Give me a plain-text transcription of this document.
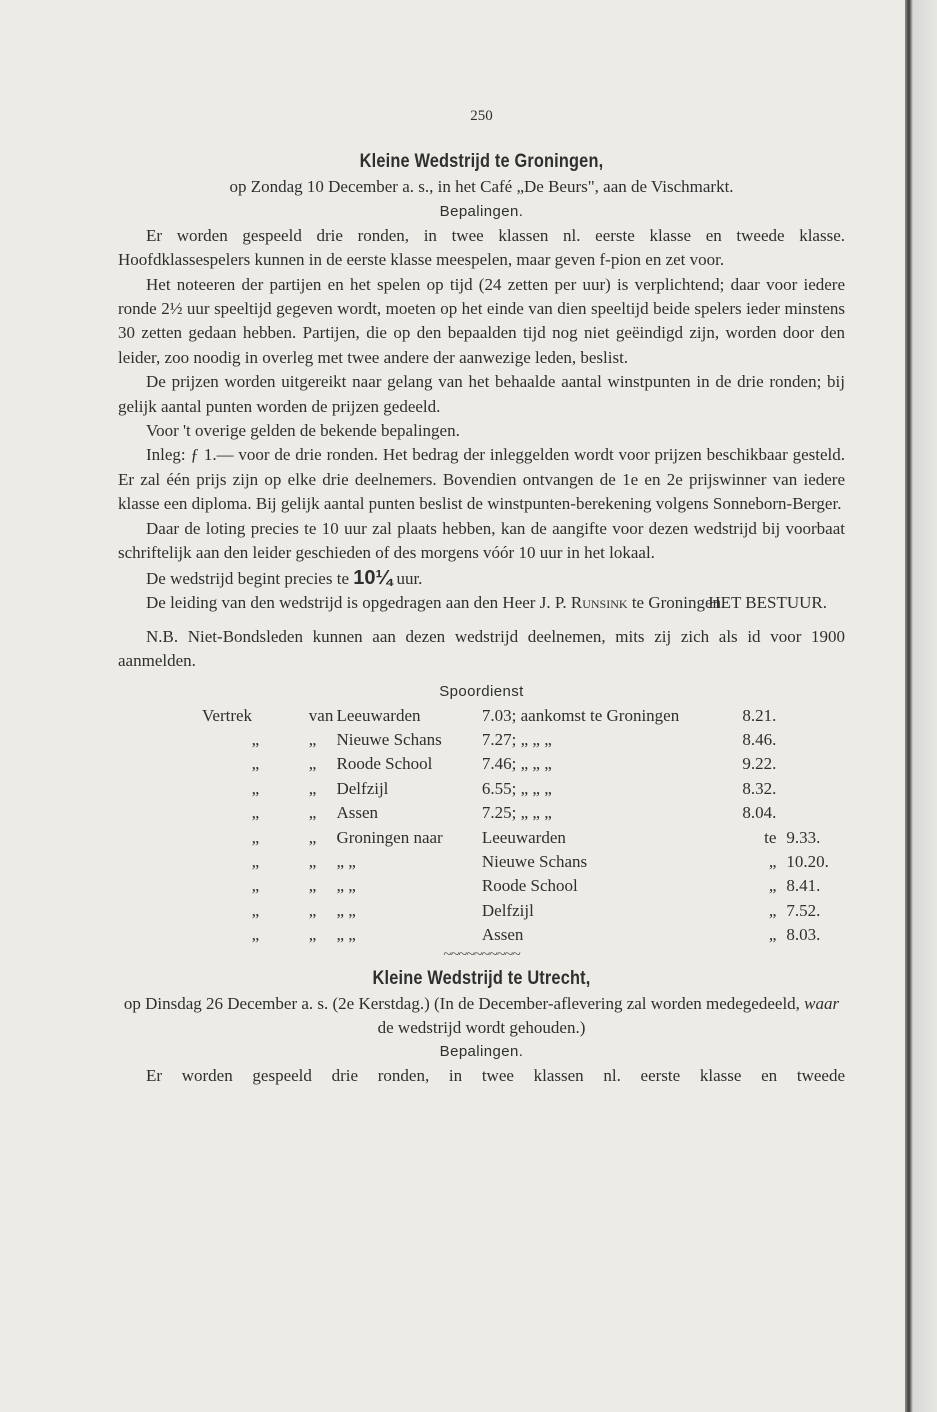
250

Kleine Wedstrijd te Groningen,

op Zondag 10 December a. s., in het Café „De Beurs", aan de Vischmarkt.

Bepalingen.

Er worden gespeeld drie ronden, in twee klassen nl. eerste klasse en tweede klasse. Hoofdklassespelers kunnen in de eerste klasse meespelen, maar geven f-pion en zet voor.

Het noteeren der partijen en het spelen op tijd (24 zetten per uur) is verplichtend; daar voor iedere ronde 2½ uur speeltijd gegeven wordt, moeten op het einde van dien speeltijd beide spelers ieder minstens 30 zetten gedaan hebben. Partijen, die op den bepaalden tijd nog niet geëindigd zijn, worden door den leider, zoo noodig in overleg met twee andere der aanwezige leden, beslist.

De prijzen worden uitgereikt naar gelang van het behaalde aantal winstpunten in de drie ronden; bij gelijk aantal punten worden de prijzen gedeeld.

Voor 't overige gelden de bekende bepalingen.

Inleg: ƒ 1.— voor de drie ronden. Het bedrag der inleggelden wordt voor prijzen beschikbaar gesteld. Er zal één prijs zijn op elke drie deelnemers. Bovendien ontvangen de 1e en 2e prijswinner van iedere klasse een diploma. Bij gelijk aantal punten beslist de winstpunten-berekening volgens Sonneborn-Berger.

Daar de loting precies te 10 uur zal plaats hebben, kan de aangifte voor dezen wedstrijd bij voorbaat schriftelijk aan den leider geschieden of des morgens vóór 10 uur in het lokaal.

De wedstrijd begint precies te 10¼ uur.

De leiding van den wedstrijd is opgedragen aan den Heer J. P. Runsink te Groningen.

HET BESTUUR.

N.B. Niet-Bondsleden kunnen aan dezen wedstrijd deelnemen, mits zij zich als id voor 1900 aanmelden.

Spoordienst

Vertrek	van	Leeuwarden	7.03; aankomst te Groningen	8.21.	
„	„	Nieuwe Schans	7.27; „ „ „	8.46.	
„	„	Roode School	7.46; „ „ „	9.22.	
„	„	Delfzijl	6.55; „ „ „	8.32.	
„	„	Assen	7.25; „ „ „	8.04.	
„	„	Groningen naar	Leeuwarden	te	9.33.
„	„	„ „	Nieuwe Schans	„	10.20.
„	„	„ „	Roode School	„	8.41.
„	„	„ „	Delfzijl	„	7.52.
„	„	„ „	Assen	„	8.03.

~~~~~~~~~~

Kleine Wedstrijd te Utrecht,

op Dinsdag 26 December a. s. (2e Kerstdag.) (In de December-aflevering zal worden medegedeeld, waar de wedstrijd wordt gehouden.)

Bepalingen.

Er worden gespeeld drie ronden, in twee klassen nl. eerste klasse en tweede
